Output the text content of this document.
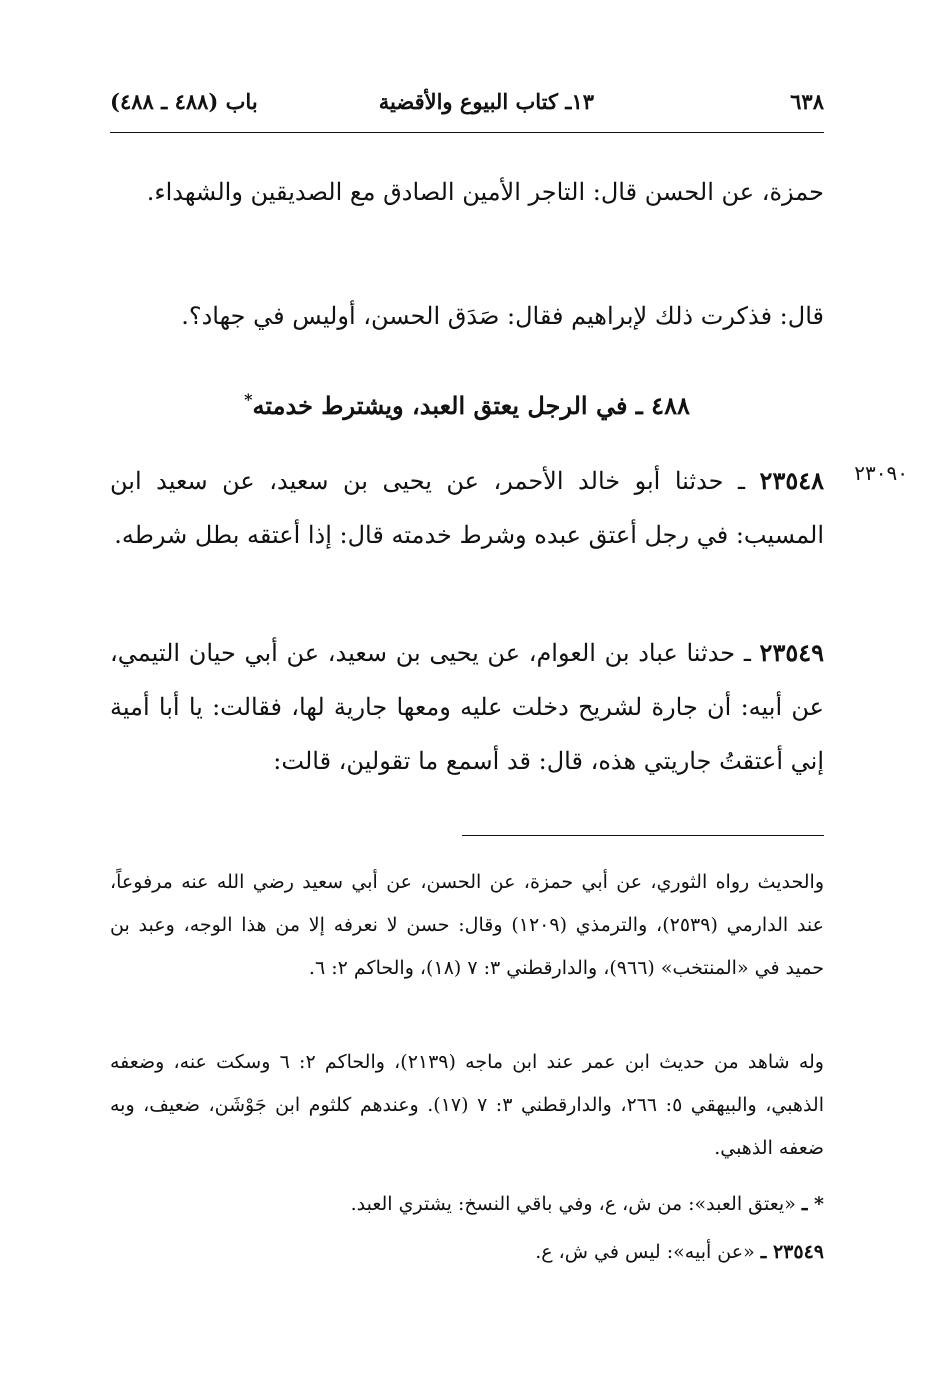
٦٣٨
١٣ـ كتاب البيوع والأقضية
باب (٤٨٨ ـ ٤٨٨)
حمزة، عن الحسن قال: التاجر الأمين الصادق مع الصديقين والشهداء.
قال: فذكرت ذلك لإبراهيم فقال: صَدَق الحسن، أوليس في جهاد؟.
٤٨٨ ـ في الرجل يعتق العبد، ويشترط خدمته*
٢٣٠٩٠
٢٣٥٤٨ ـ حدثنا أبو خالد الأحمر، عن يحيى بن سعيد، عن سعيد ابن المسيب: في رجل أعتق عبده وشرط خدمته قال: إذا أعتقه بطل شرطه.
٢٣٥٤٩ ـ حدثنا عباد بن العوام، عن يحيى بن سعيد، عن أبي حيان التيمي، عن أبيه: أن جارة لشريح دخلت عليه ومعها جارية لها، فقالت: يا أبا أمية إني أعتقتُ جاريتي هذه، قال: قد أسمع ما تقولين، قالت:
والحديث رواه الثوري، عن أبي حمزة، عن الحسن، عن أبي سعيد رضي الله عنه مرفوعاً، عند الدارمي (٢٥٣٩)، والترمذي (١٢٠٩) وقال: حسن لا نعرفه إلا من هذا الوجه، وعبد بن حميد في «المنتخب» (٩٦٦)، والدارقطني ٣: ٧ (١٨)، والحاكم ٢: ٦.
وله شاهد من حديث ابن عمر عند ابن ماجه (٢١٣٩)، والحاكم ٢: ٦ وسكت عنه، وضعفه الذهبي، والبيهقي ٥: ٢٦٦، والدارقطني ٣: ٧ (١٧). وعندهم كلثوم ابن جَوْشَن، ضعيف، وبه ضعفه الذهبي.
* ـ «يعتق العبد»: من ش، ع، وفي باقي النسخ: يشتري العبد.
٢٣٥٤٩ ـ «عن أبيه»: ليس في ش، ع.
